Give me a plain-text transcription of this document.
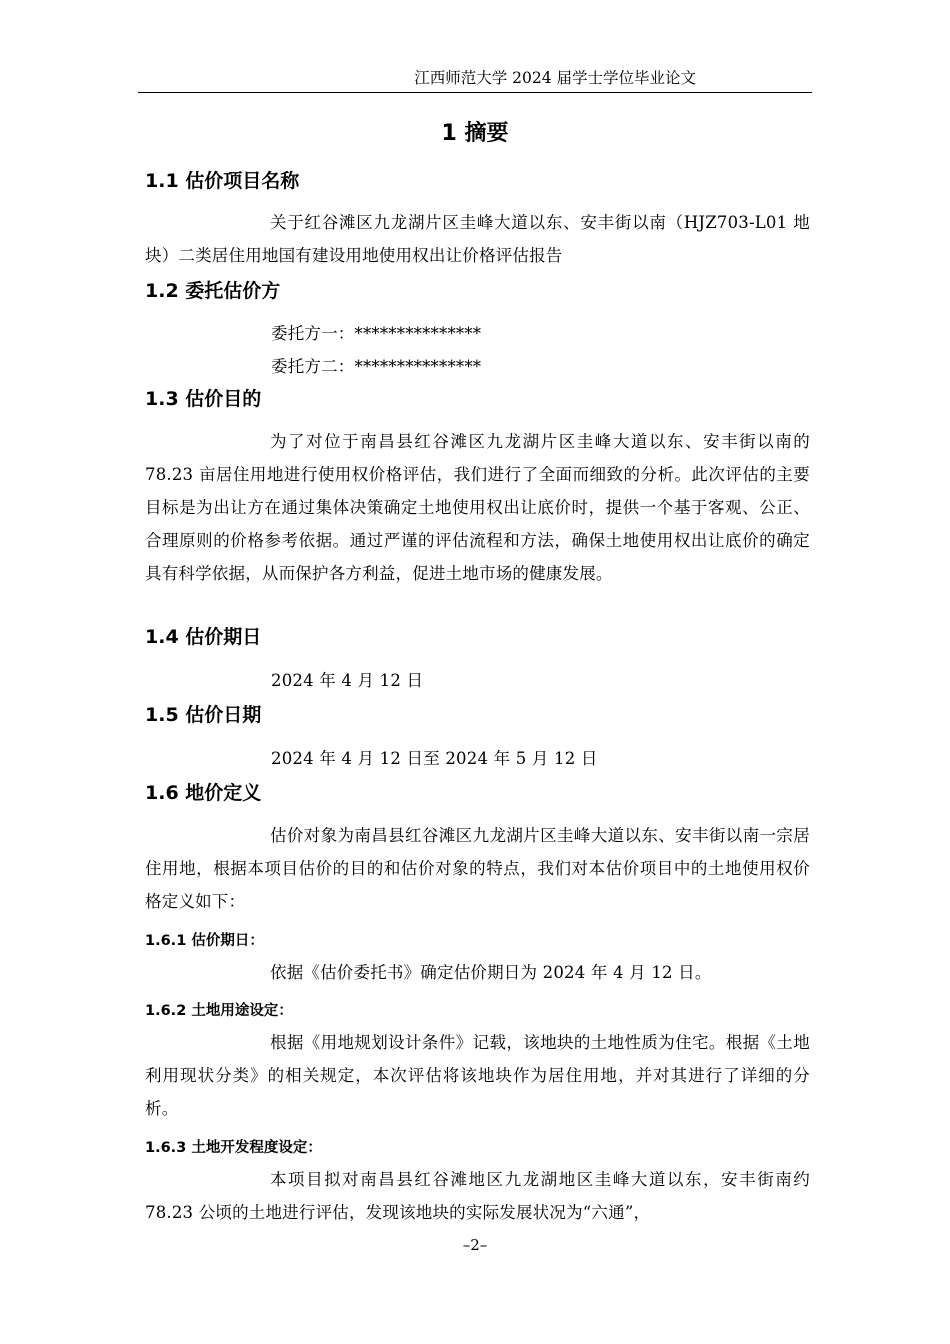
江西师范大学 2024 届学士学位毕业论文
1 摘要
1.1 估价项目名称
关于红谷滩区九龙湖片区圭峰大道以东、安丰街以南（HJZ703-L01 地块）二类居住用地国有建设用地使用权出让价格评估报告
1.2 委托估价方
委托方一：***************
委托方二：***************
1.3 估价目的
为了对位于南昌县红谷滩区九龙湖片区圭峰大道以东、安丰街以南的 78.23 亩居住用地进行使用权价格评估，我们进行了全面而细致的分析。此次评估的主要目标是为出让方在通过集体决策确定土地使用权出让底价时，提供一个基于客观、公正、合理原则的价格参考依据。通过严谨的评估流程和方法，确保土地使用权出让底价的确定具有科学依据，从而保护各方利益，促进土地市场的健康发展。
1.4 估价期日
2024 年 4 月 12 日
1.5 估价日期
2024 年 4 月 12 日至 2024 年 5 月 12 日
1.6 地价定义
估价对象为南昌县红谷滩区九龙湖片区圭峰大道以东、安丰街以南一宗居住用地，根据本项目估价的目的和估价对象的特点，我们对本估价项目中的土地使用权价格定义如下：
1.6.1 估价期日：
依据《估价委托书》确定估价期日为 2024 年 4 月 12 日。
1.6.2 土地用途设定：
根据《用地规划设计条件》记载，该地块的土地性质为住宅。根据《土地利用现状分类》的相关规定，本次评估将该地块作为居住用地，并对其进行了详细的分析。
1.6.3 土地开发程度设定：
本项目拟对南昌县红谷滩地区九龙湖地区圭峰大道以东，安丰街南约 78.23 公顷的土地进行评估，发现该地块的实际发展状况为“六通”，
–2–
